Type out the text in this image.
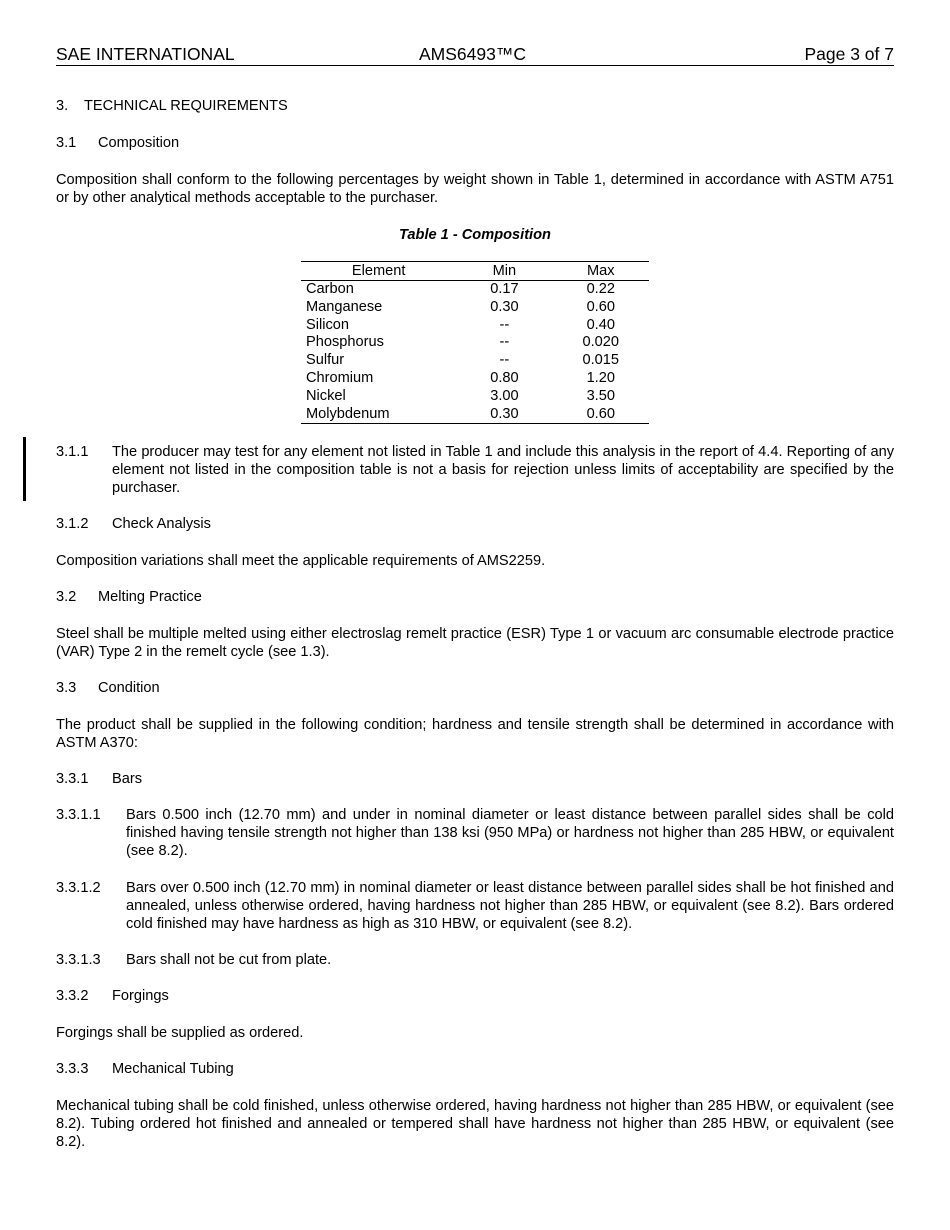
SAE INTERNATIONAL	AMS6493™C	Page 3 of 7
3. TECHNICAL REQUIREMENTS
3.1 Composition
Composition shall conform to the following percentages by weight shown in Table 1, determined in accordance with ASTM A751 or by other analytical methods acceptable to the purchaser.
Table 1 - Composition
Element	Min	Max
Carbon	0.17	0.22
Manganese	0.30	0.60
Silicon	--	0.40
Phosphorus	--	0.020
Sulfur	--	0.015
Chromium	0.80	1.20
Nickel	3.00	3.50
Molybdenum	0.30	0.60
3.1.1 The producer may test for any element not listed in Table 1 and include this analysis in the report of 4.4. Reporting of any element not listed in the composition table is not a basis for rejection unless limits of acceptability are specified by the purchaser.
3.1.2 Check Analysis
Composition variations shall meet the applicable requirements of AMS2259.
3.2 Melting Practice
Steel shall be multiple melted using either electroslag remelt practice (ESR) Type 1 or vacuum arc consumable electrode practice (VAR) Type 2 in the remelt cycle (see 1.3).
3.3 Condition
The product shall be supplied in the following condition; hardness and tensile strength shall be determined in accordance with ASTM A370:
3.3.1 Bars
3.3.1.1 Bars 0.500 inch (12.70 mm) and under in nominal diameter or least distance between parallel sides shall be cold finished having tensile strength not higher than 138 ksi (950 MPa) or hardness not higher than 285 HBW, or equivalent (see 8.2).
3.3.1.2 Bars over 0.500 inch (12.70 mm) in nominal diameter or least distance between parallel sides shall be hot finished and annealed, unless otherwise ordered, having hardness not higher than 285 HBW, or equivalent (see 8.2). Bars ordered cold finished may have hardness as high as 310 HBW, or equivalent (see 8.2).
3.3.1.3 Bars shall not be cut from plate.
3.3.2 Forgings
Forgings shall be supplied as ordered.
3.3.3 Mechanical Tubing
Mechanical tubing shall be cold finished, unless otherwise ordered, having hardness not higher than 285 HBW, or equivalent (see 8.2). Tubing ordered hot finished and annealed or tempered shall have hardness not higher than 285 HBW, or equivalent (see 8.2).
